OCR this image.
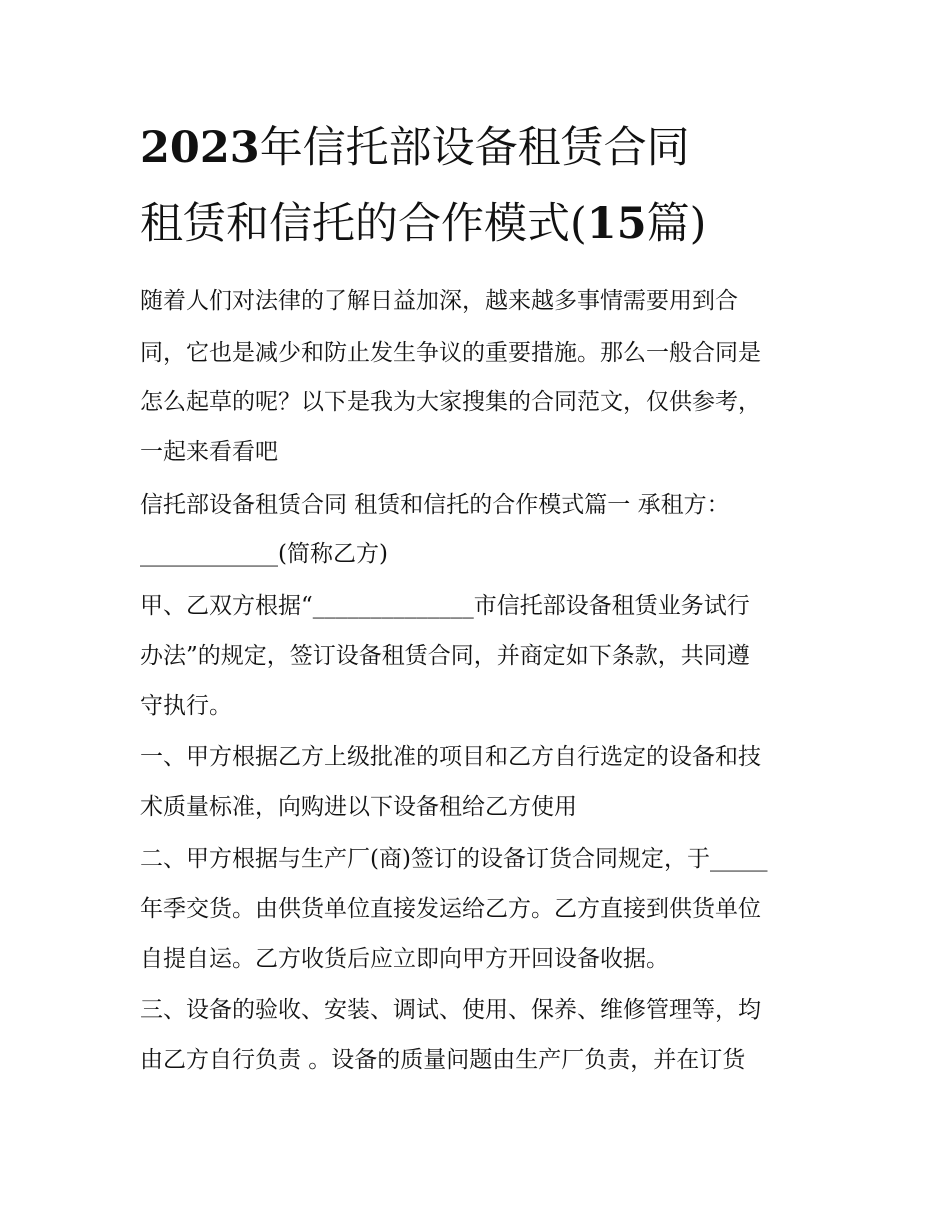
2023年信托部设备租赁合同
租赁和信托的合作模式(15篇)

随着人们对法律的了解日益加深，越来越多事情需要用到合

同，它也是减少和防止发生争议的重要措施。那么一般合同是

怎么起草的呢？以下是我为大家搜集的合同范文，仅供参考，

一起来看看吧

信托部设备租赁合同 租赁和信托的合作模式篇一 承租方：

____________(简称乙方)

甲、乙双方根据“______________市信托部设备租赁业务试行

办法”的规定，签订设备租赁合同，并商定如下条款，共同遵

守执行。

一、甲方根据乙方上级批准的项目和乙方自行选定的设备和技

术质量标准，向购进以下设备租给乙方使用

二、甲方根据与生产厂(商)签订的设备订货合同规定，于_____

年季交货。由供货单位直接发运给乙方。乙方直接到供货单位

自提自运。乙方收货后应立即向甲方开回设备收据。

三、设备的验收、安装、调试、使用、保养、维修管理等，均

由乙方自行负责 。设备的质量问题由生产厂负责，并在订货
